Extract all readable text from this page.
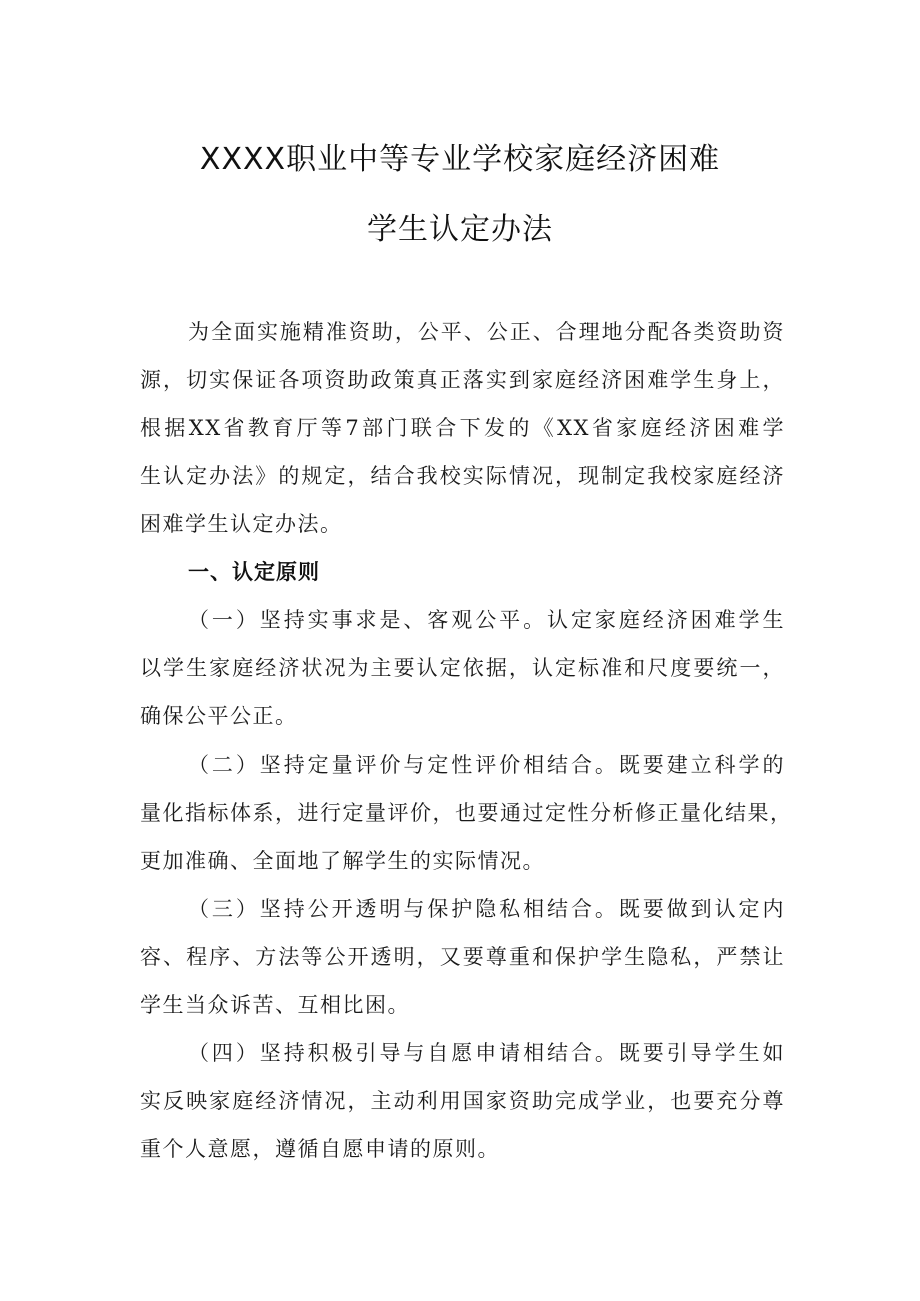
XXXX职业中等专业学校家庭经济困难
学生认定办法
为全面实施精准资助，公平、公正、合理地分配各类资助资
源，切实保证各项资助政策真正落实到家庭经济困难学生身上，
根据XX省教育厅等7部门联合下发的《XX省家庭经济困难学
生认定办法》的规定，结合我校实际情况，现制定我校家庭经济
困难学生认定办法。
一、认定原则
（一）坚持实事求是、客观公平。认定家庭经济困难学生
以学生家庭经济状况为主要认定依据，认定标准和尺度要统一，
确保公平公正。
（二）坚持定量评价与定性评价相结合。既要建立科学的
量化指标体系，进行定量评价，也要通过定性分析修正量化结果，
更加准确、全面地了解学生的实际情况。
（三）坚持公开透明与保护隐私相结合。既要做到认定内
容、程序、方法等公开透明，又要尊重和保护学生隐私，严禁让
学生当众诉苦、互相比困。
（四）坚持积极引导与自愿申请相结合。既要引导学生如
实反映家庭经济情况，主动利用国家资助完成学业，也要充分尊
重个人意愿，遵循自愿申请的原则。
